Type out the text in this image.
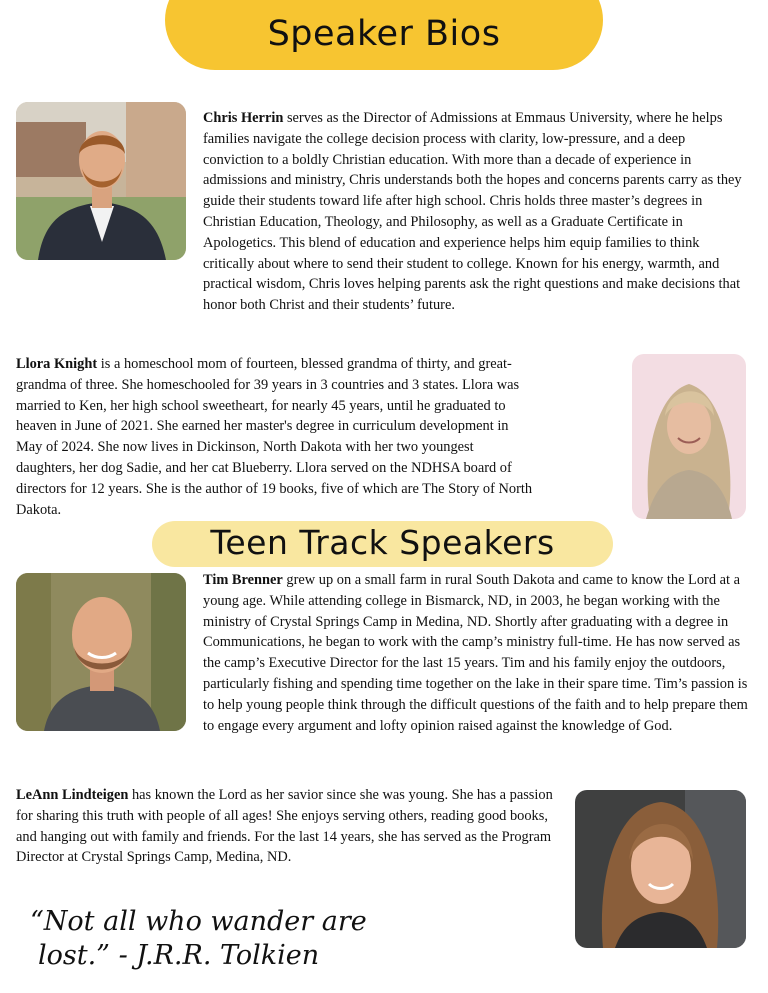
Speaker Bios
Chris Herrin serves as the Director of Admissions at Emmaus University, where he helps families navigate the college decision process with clarity, low-pressure, and a deep conviction to a boldly Christian education. With more than a decade of experience in admissions and ministry, Chris understands both the hopes and concerns parents carry as they guide their students toward life after high school. Chris holds three master’s degrees in Christian Education, Theology, and Philosophy, as well as a Graduate Certificate in Apologetics. This blend of education and experience helps him equip families to think critically about where to send their student to college. Known for his energy, warmth, and practical wisdom, Chris loves helping parents ask the right questions and make decisions that honor both Christ and their students’ future.
Llora Knight is a homeschool mom of fourteen, blessed grandma of thirty, and great-grandma of three. She homeschooled for 39 years in 3 countries and 3 states. Llora was married to Ken, her high school sweetheart, for nearly 45 years, until he graduated to heaven in June of 2021. She earned her master's degree in curriculum development in May of 2024. She now lives in Dickinson, North Dakota with her two youngest daughters, her dog Sadie, and her cat Blueberry. Llora served on the NDHSA board of directors for 12 years. She is the author of 19 books, five of which are The Story of North Dakota.
Teen Track Speakers
Tim Brenner grew up on a small farm in rural South Dakota and came to know the Lord at a young age. While attending college in Bismarck, ND, in 2003, he began working with the ministry of Crystal Springs Camp in Medina, ND. Shortly after graduating with a degree in Communications, he began to work with the camp’s ministry full-time. He has now served as the camp’s Executive Director for the last 15 years. Tim and his family enjoy the outdoors, particularly fishing and spending time together on the lake in their spare time. Tim’s passion is to help young people think through the difficult questions of the faith and to help prepare them to engage every argument and lofty opinion raised against the knowledge of God.
LeAnn Lindteigen has known the Lord as her savior since she was young. She has a passion for sharing this truth with people of all ages! She enjoys serving others, reading good books, and hanging out with family and friends. For the last 14 years, she has served as the Program Director at Crystal Springs Camp, Medina, ND.
“Not all who wander are
lost.” - J.R.R. Tolkien
